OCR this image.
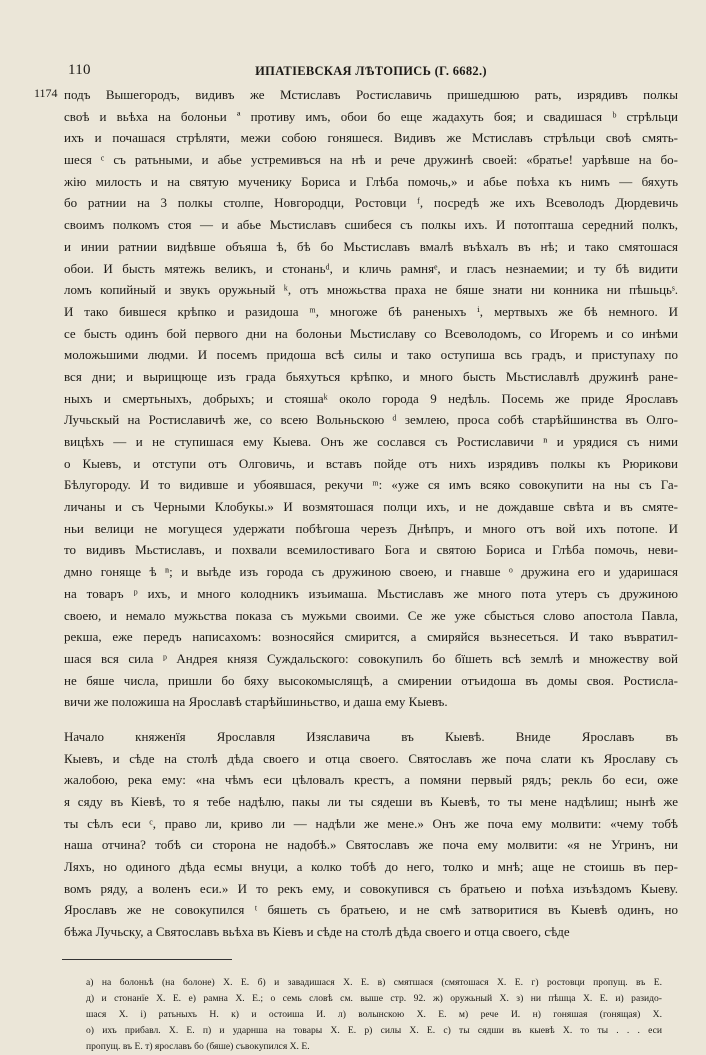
110	ИПАТІЕВСКАЯ ЛѢТОПИСЬ (Г. 6682.)
1174 подъ Вышегородъ, видивъ же Мстиславъ Ростиславичь пришедшюю рать, изрядивъ полкы
своѣ и вьѣха на болоньи ª противу имъ, обои бо еще жадахуть боя; и свадишася ᵇ стрѣльци
ихъ и почашася стрѣляти, межи собою гоняшеся. Видивъ же Мстиславъ стрѣльци своѣ смять-
шеся ᶜ съ ратьными, и абье устремивъся на нѣ и рече дружинѣ своей: «братье! уарѣвше на бо-
жію милость и на святую мученику Бориса и Глѣба помочь,» и абье поѣха къ нимъ — бяхуть
бо ратнии на 3 полкы столпе, Новгородци, Ростовци ᶠ, посредѣ же ихъ Всеволодъ Дюрдевичь
своимъ полкомъ стоя — и абье Мьстиславъ сшибеся съ полкы ихъ. И потопташа середний полкъ,
и инии ратнии видѣвше объяша ѣ, бѣ бо Мьстиславъ вмалѣ въѣхалъ въ нѣ; и тако смятошася
обои. И бысть мятежь великъ, и стонаньᵈ, и кличь рамняᵉ, и гласъ незнаемии; и ту бѣ видити
ломъ копийный и звукъ оружьный ᵏ, отъ множьства праха не бяше знати ни конника ни пѣшьцьˢ.
И тако бившеся крѣпко и разидоша ᵐ, многоже бѣ раненыхъ ⁱ, мертвыхъ же бѣ немного. И
се бысть одинъ бой первого дни на болоньи Мьстиславу со Всеволодомъ, со Игоремъ и со инѣми
моложьшими людми. И посемъ придоша всѣ силы и тако оступиша всь градъ, и приступаху по
вся дни; и вырищюще изъ града бьяхуться крѣпко, и много бысть Мьстиславлѣ дружинѣ ране-
ныхъ и смертьныхъ, добрыхъ; и стояшаᵏ около города 9 недѣль. Посемь же приде Ярославъ
Лучьскый на Ростиславичѣ же, со всею Вольньскою ᵈ землею, проса собѣ старѣйшинства въ Олго-
вицѣхъ — и не ступишася ему Кыева. Онъ же сослався съ Ростиславичи ⁿ и урядися съ ними
о Кыевъ, и отступи отъ Олговичь, и вставъ пойде отъ нихъ изрядивъ полкы къ Рюрикови
Бѣлугороду. И то видивше и убоявшася, рекучи ᵐ: «уже ся имъ всяко совокупити на ны съ Га-
личаны и съ Черными Клобукы.» И возмятошася полци ихъ, и не дождавше свѣта и въ смяте-
ньи велици не могущеся удержати побѣгоша черезъ Днѣпръ, и много отъ вой ихъ потопе. И
то видивъ Мьстиславъ, и похвали всемилостиваго Бога и святою Бориса и Глѣба помочь, неви-
дмно гоняще ѣ ⁿ; и выѣде изъ города съ дружиною своею, и гнавше ᵒ дружина его и ударишася
на товаръ ᵖ ихъ, и много колодникъ изъимаша. Мьстиславъ же много пота утеръ съ дружиною
своею, и немало мужьства показа съ мужьми своими. Се же уже сбысться слово апостола Павла,
рекша, еже передъ написахомъ: возносяйся смирится, а смиряйся вьзнесеться. И тако въвратил-
шася вся сила ᵖ Андрея князя Суждальского: совокупилъ бо бїшеть всѣ землѣ и множеству вой
не бяше числа, пришли бо бяху высокомыслящѣ, а смирении отъидоша въ домы своя. Ростисла-
вичи же положиша на Ярославѣ старѣйшиньство, и даша ему Кыевъ.
Начало княженїя Ярославля Изяславича въ Кыевѣ. Вниде Ярославъ въ
Кыевъ, и сѣде на столѣ дѣда своего и отца своего. Святославъ же поча слати къ Ярославу съ
жалобою, река ему: «на чѣмъ еси цѣловалъ крестъ, а помяни первый рядъ; рекль бо еси, оже
я сяду въ Кіевѣ, то я тебе надѣлю, пакы ли ты сядеши въ Кыевѣ, то ты мене надѣлиш; нынѣ же
ты сѣлъ еси ᶜ, право ли, криво ли — надѣли же мене.» Онъ же поча ему молвити: «чему тобѣ
наша отчина? тобѣ си сторона не надобѣ.» Святославъ же поча ему молвити: «я не Угринъ, ни
Ляхъ, но одиного дѣда есмы внуци, а колко тобѣ до него, толко и мнѣ; аще не стоишь въ пер-
вомъ ряду, а воленъ еси.» И то рекъ ему, и совокупився съ братьею и поѣха изъѣздомъ Кыеву.
Ярославъ же не совокупился ᵗ бяшеть съ братьею, и не смѣ затворитися въ Кыевѣ одинъ, но
бѣжа Лучьску, а Святославъ вьѣха въ Кіевъ и сѣде на столѣ дѣда своего и отца своего, сѣде
а) на болоньѣ (на болоне) Х. Е. б) и завадишася Х. Е. в) смятшася (смятошася Х. Е. г) ростовци пропущ. въ Е.
д) и стонанїе Х. Е. е) рамна Х. Е.; о семь словѣ см. выше стр. 92. ж) оружьный Х. з) ни пѣшца Х. Е. и) разидо-
шася Х. і) ратьныхъ Н. к) и остоиша И. л) волынскою Х. Е. м) рече И. н) гоняшая (гонящая) Х.
о) ихъ прибавл. Х. Е. п) и ударнша на товары Х. Е. р) силы Х. Е. с) ты сядши въ кыевѣ Х. то ты . . . еси
пропущ. въ Е. т) ярославъ бо (бяше) съвокупился Х. Е.
